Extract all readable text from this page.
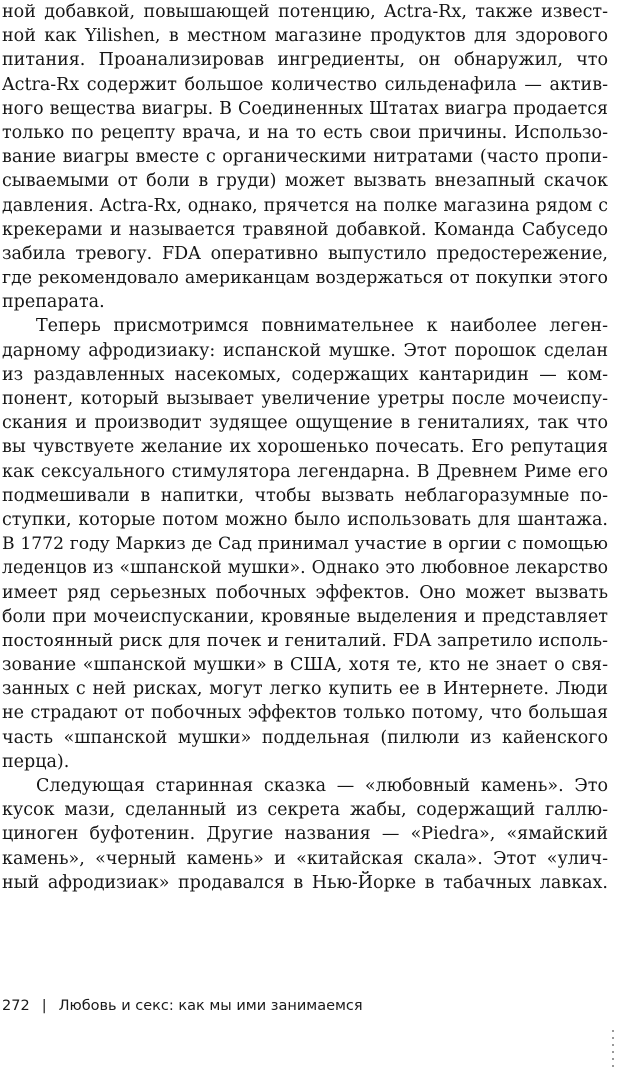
ной добавкой, повышающей потенцию, Actra-Rx, также извест-
ной как Yilishen, в местном магазине продуктов для здорового
питания. Проанализировав ингредиенты, он обнаружил, что
Actra-Rx содержит большое количество сильденафила — актив-
ного вещества виагры. В Соединенных Штатах виагра продается
только по рецепту врача, и на то есть свои причины. Использо-
вание виагры вместе с органическими нитратами (часто пропи-
сываемыми от боли в груди) может вызвать внезапный скачок
давления. Actra-Rx, однако, прячется на полке магазина рядом с
крекерами и называется травяной добавкой. Команда Сабуседо
забила тревогу. FDA оперативно выпустило предостережение,
где рекомендовало американцам воздержаться от покупки этого
препарата.
Теперь присмотримся повнимательнее к наиболее леген-
дарному афродизиаку: испанской мушке. Этот порошок сделан
из раздавленных насекомых, содержащих кантаридин — ком-
понент, который вызывает увеличение уретры после мочеиспу-
скания и производит зудящее ощущение в гениталиях, так что
вы чувствуете желание их хорошенько почесать. Его репутация
как сексуального стимулятора легендарна. В Древнем Риме его
подмешивали в напитки, чтобы вызвать неблагоразумные по-
ступки, которые потом можно было использовать для шантажа.
В 1772 году Маркиз де Сад принимал участие в оргии с помощью
леденцов из «шпанской мушки». Однако это любовное лекарство
имеет ряд серьезных побочных эффектов. Оно может вызвать
боли при мочеиспускании, кровяные выделения и представляет
постоянный риск для почек и гениталий. FDA запретило исполь-
зование «шпанской мушки» в США, хотя те, кто не знает о свя-
занных с ней рисках, могут легко купить ее в Интернете. Люди
не страдают от побочных эффектов только потому, что большая
часть «шпанской мушки» поддельная (пилюли из кайенского
перца).
Следующая старинная сказка — «любовный камень». Это
кусок мази, сделанный из секрета жабы, содержащий галлю-
циноген буфотенин. Другие названия — «Piedra», «ямайский
камень», «черный камень» и «китайская скала». Этот «улич-
ный афродизиак» продавался в Нью-Йорке в табачных лавках.
272 | Любовь и секс: как мы ими занимаемся
